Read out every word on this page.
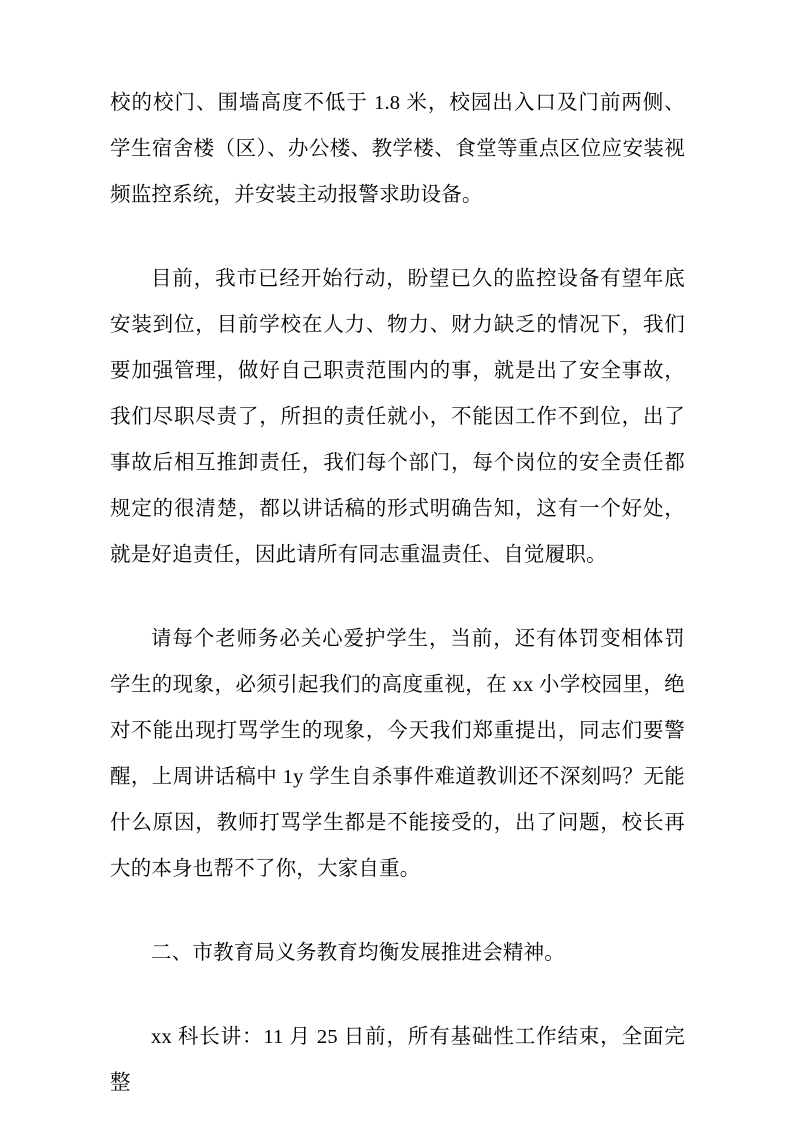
校的校门、围墙高度不低于 1.8 米，校园出入口及门前两侧、学生宿舍楼（区）、办公楼、教学楼、食堂等重点区位应安装视频监控系统，并安装主动报警求助设备。

目前，我市已经开始行动，盼望已久的监控设备有望年底安装到位，目前学校在人力、物力、财力缺乏的情况下，我们要加强管理，做好自己职责范围内的事，就是出了安全事故，我们尽职尽责了，所担的责任就小，不能因工作不到位，出了事故后相互推卸责任，我们每个部门，每个岗位的安全责任都规定的很清楚，都以讲话稿的形式明确告知，这有一个好处，就是好追责任，因此请所有同志重温责任、自觉履职。

请每个老师务必关心爱护学生，当前，还有体罚变相体罚学生的现象，必须引起我们的高度重视，在 xx 小学校园里，绝对不能出现打骂学生的现象，今天我们郑重提出，同志们要警醒，上周讲话稿中 1y 学生自杀事件难道教训还不深刻吗？无能什么原因，教师打骂学生都是不能接受的，出了问题，校长再大的本身也帮不了你，大家自重。

二、市教育局义务教育均衡发展推进会精神。

xx 科长讲：11 月 25 日前，所有基础性工作结束，全面完整
